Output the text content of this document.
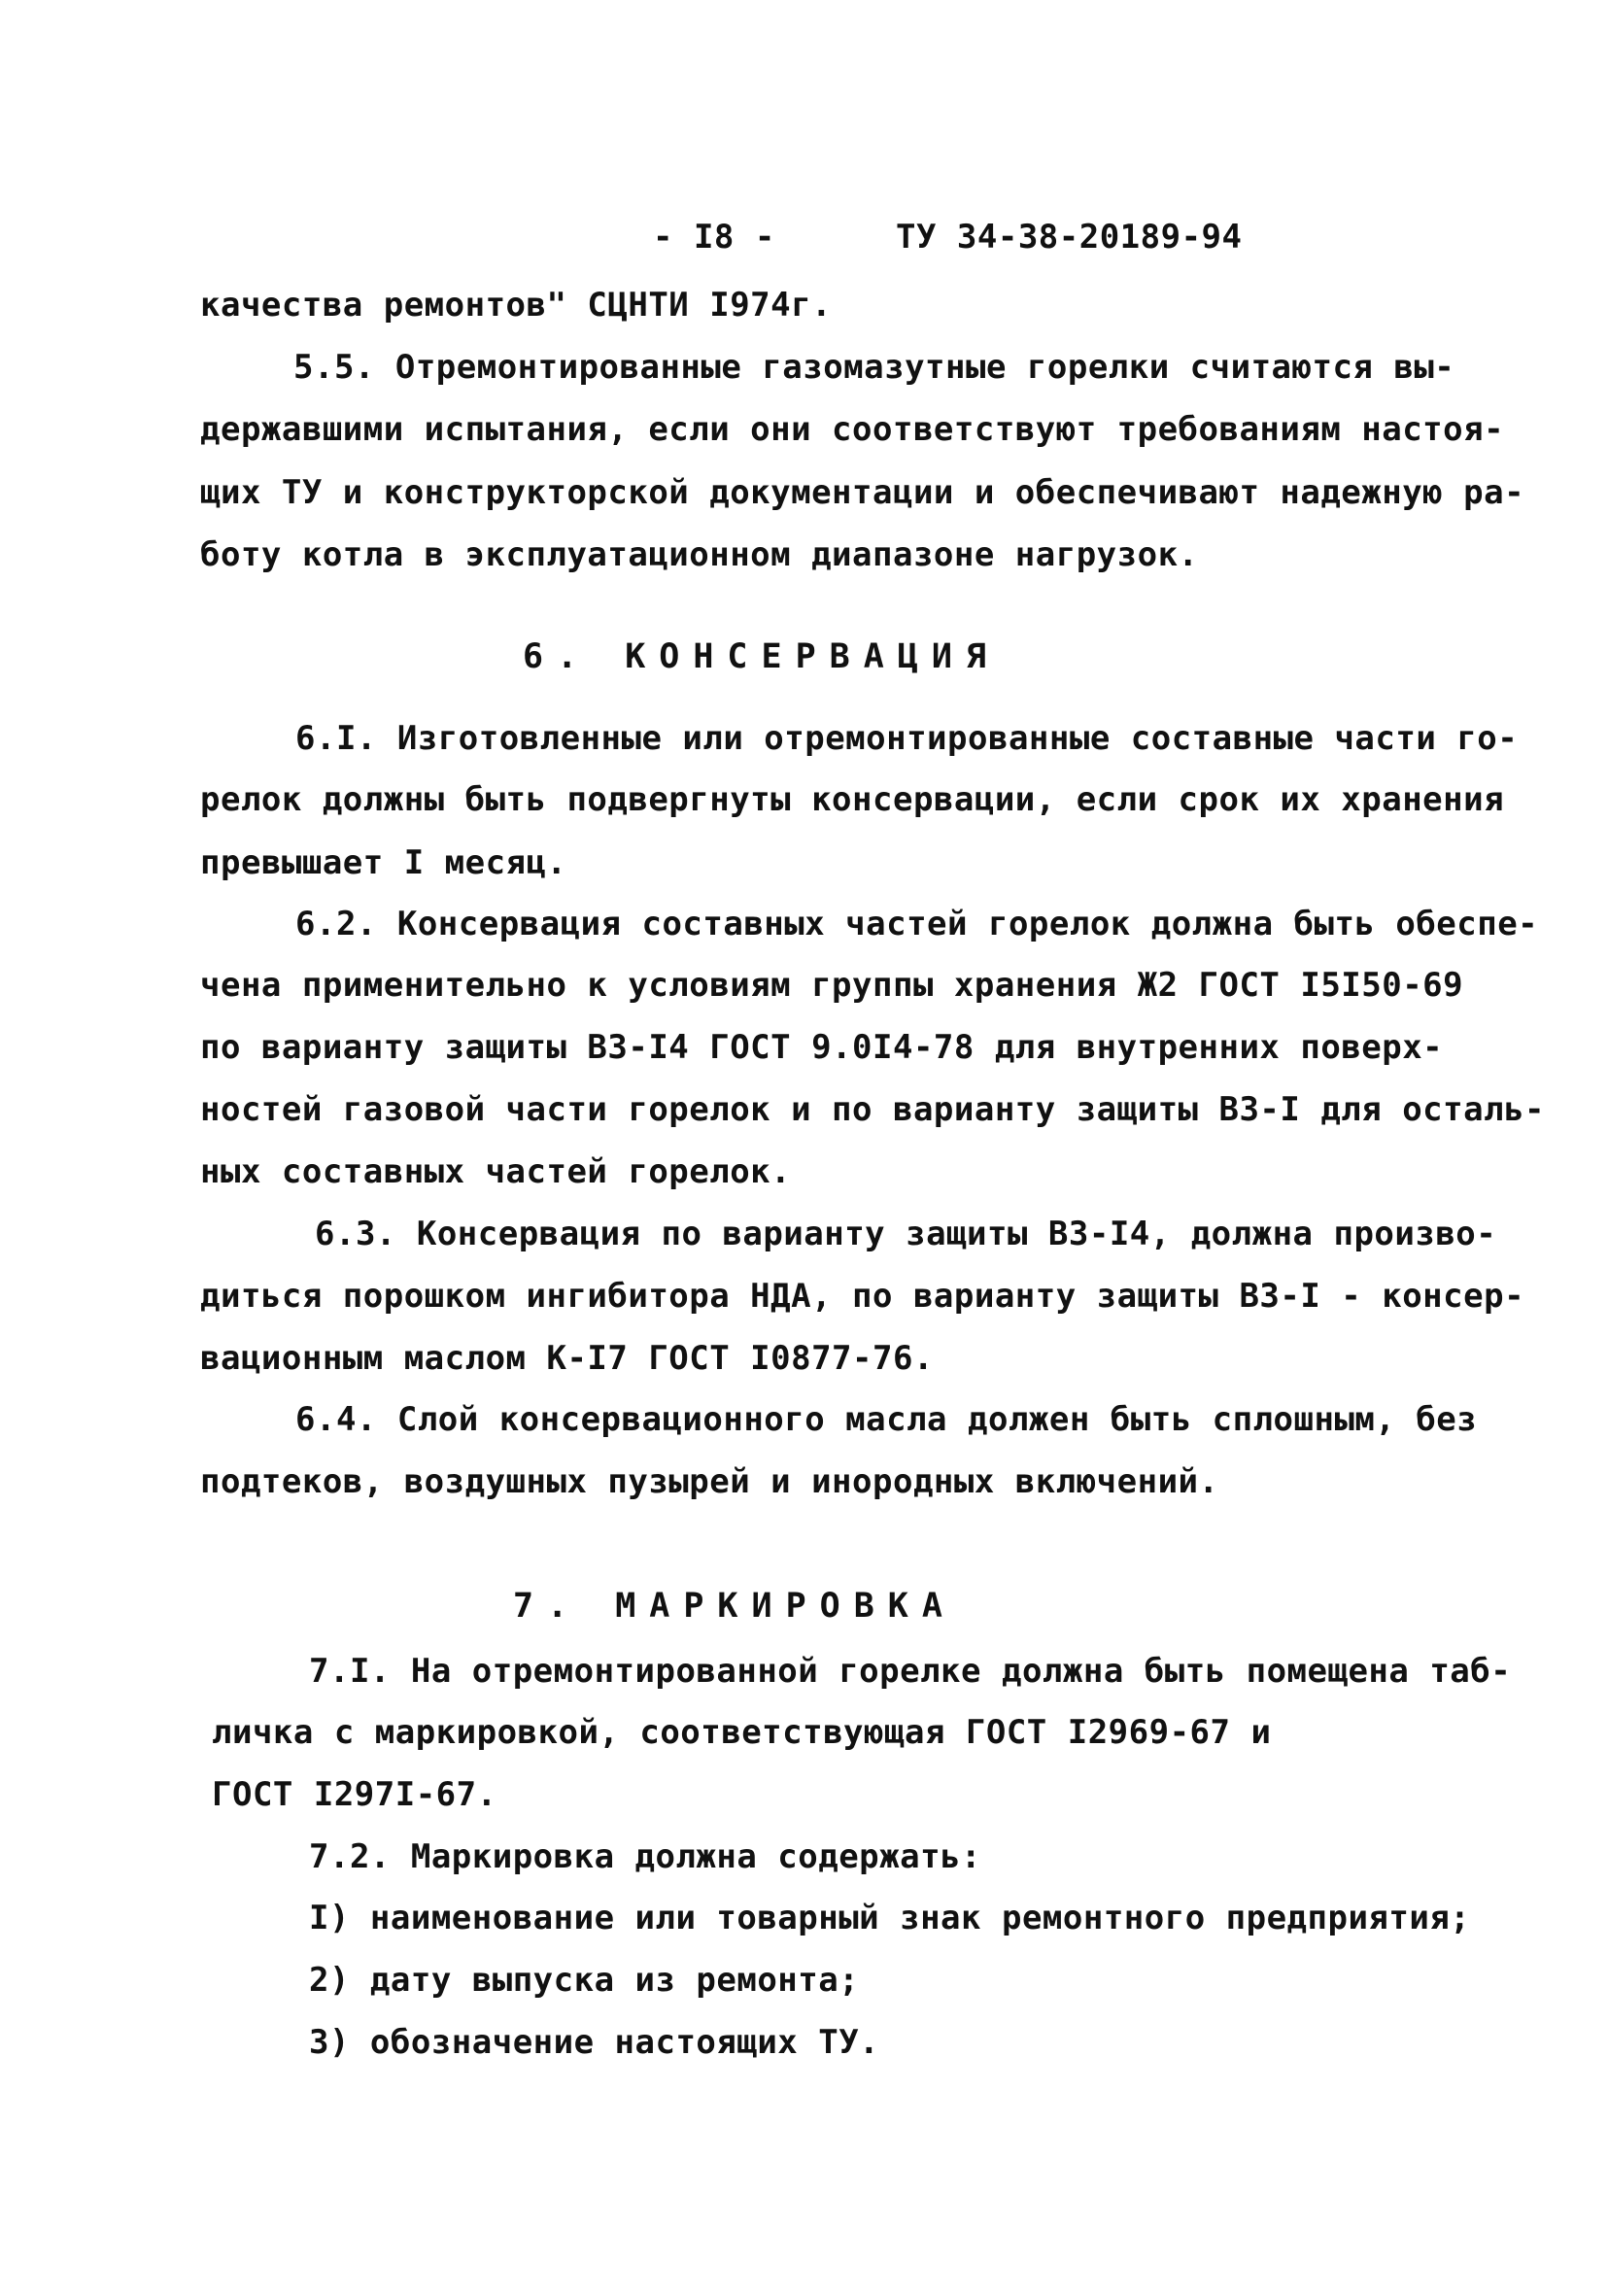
- I8 -	ТУ 34-38-20189-94
качества ремонтов" СЦНТИ I974г.
5.5. Отремонтированные газомазутные горелки считаются вы-
державшими испытания, если они соответствуют требованиям настоя-
щих ТУ и конструкторской документации и обеспечивают надежную ра-
боту котла в эксплуатационном диапазоне нагрузок.
6. КОНСЕРВАЦИЯ
6.I. Изготовленные или отремонтированные составные части го-
релок должны быть подвергнуты консервации, если срок их хранения
превышает I месяц.
6.2. Консервация составных частей горелок должна быть обеспе-
чена применительно к условиям группы хранения Ж2 ГОСТ I5I50-69
по варианту защиты ВЗ-I4 ГОСТ 9.0I4-78 для внутренних поверх-
ностей газовой части горелок и по варианту защиты ВЗ-I для осталь-
ных составных частей горелок.
6.3. Консервация по варианту защиты ВЗ-I4, должна произво-
диться порошком ингибитора НДА, по варианту защиты ВЗ-I - консер-
вационным маслом К-I7 ГОСТ I0877-76.
6.4. Слой консервационного масла должен быть сплошным, без
подтеков, воздушных пузырей и инородных включений.
7. МАРКИРОВКА
7.I. На отремонтированной горелке должна быть помещена таб-
личка с маркировкой, соответствующая ГОСТ I2969-67 и
ГОСТ I297I-67.
7.2. Маркировка должна содержать:
I) наименование или товарный знак ремонтного предприятия;
2) дату выпуска из ремонта;
3) обозначение настоящих ТУ.
